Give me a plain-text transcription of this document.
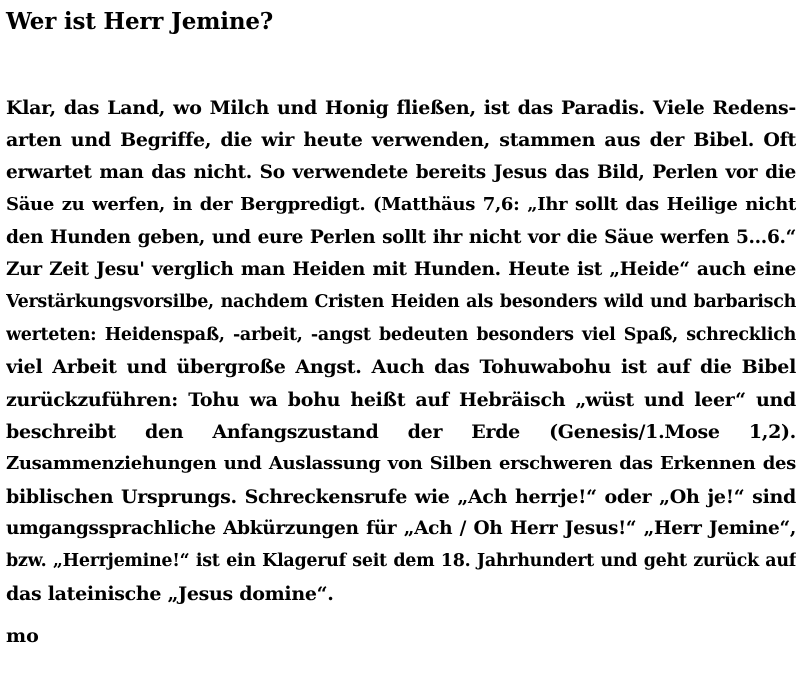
Wer ist Herr Jemine?
Klar, das Land, wo Milch und Honig fließen, ist das Paradis. Viele Redens-
arten und Begriffe, die wir heute verwenden, stammen aus der Bibel. Oft
erwartet man das nicht. So verwendete bereits Jesus das Bild, Perlen vor die
Säue zu werfen, in der Bergpredigt. (Matthäus 7,6: „Ihr sollt das Heilige nicht
den Hunden geben, und eure Perlen sollt ihr nicht vor die Säue werfen 5...6.“
Zur Zeit Jesu' verglich man Heiden mit Hunden. Heute ist „Heide“ auch eine
Verstärkungsvorsilbe, nachdem Cristen Heiden als besonders wild und barbarisch
werteten: Heidenspaß, -arbeit, -angst bedeuten besonders viel Spaß, schrecklich
viel Arbeit und übergroße Angst. Auch das Tohuwabohu ist auf die Bibel
zurückzuführen: Tohu wa bohu heißt auf Hebräisch „wüst und leer“ und
beschreibt den Anfangszustand der Erde (Genesis/1.Mose 1,2).
Zusammenziehungen und Auslassung von Silben erschweren das Erkennen des
biblischen Ursprungs. Schreckensrufe wie „Ach herrje!“ oder „Oh je!“ sind
umgangssprachliche Abkürzungen für „Ach / Oh Herr Jesus!“ „Herr Jemine“,
bzw. „Herrjemine!“ ist ein Klageruf seit dem 18. Jahrhundert und geht zurück auf
das lateinische „Jesus domine“.

mo
